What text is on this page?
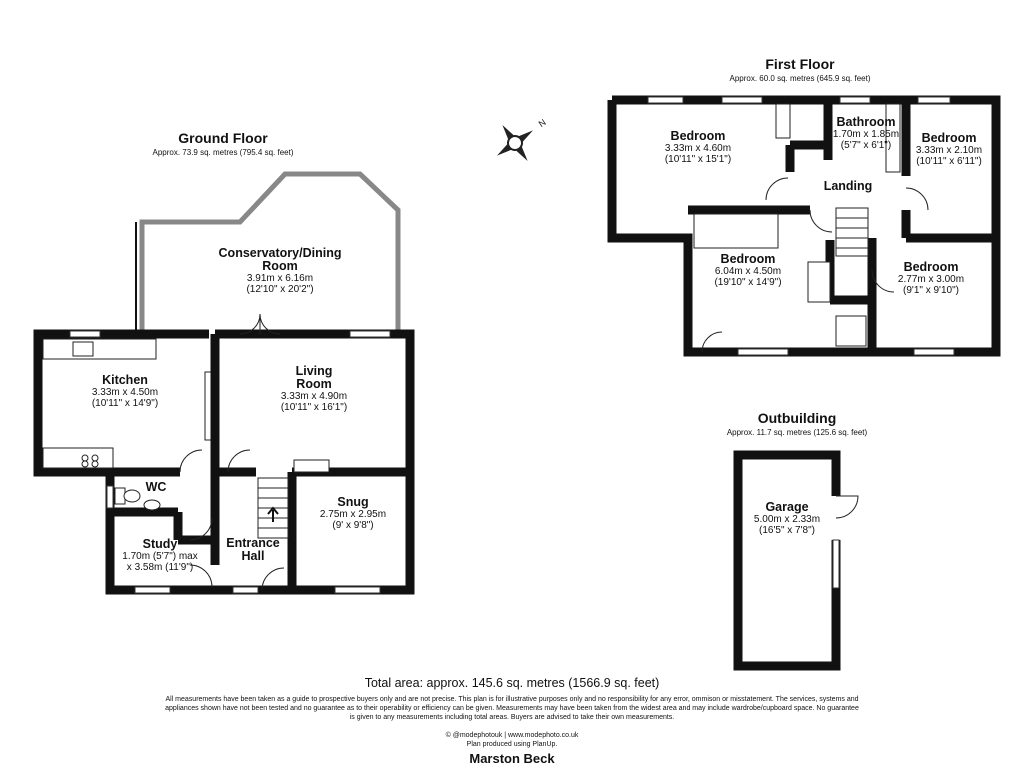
N
Ground Floor
Approx. 73.9 sq. metres (795.4 sq. feet)
First Floor
Approx. 60.0 sq. metres (645.9 sq. feet)
Outbuilding
Approx. 11.7 sq. metres (125.6 sq. feet)
Conservatory/Dining
Room
3.91m x 6.16m
(12'10" x 20'2")
Kitchen
3.33m x 4.50m
(10'11" x 14'9")
Living
Room
3.33m x 4.90m
(10'11" x 16'1")
WC
Study
1.70m (5'7") max
x 3.58m (11'9")
Entrance
Hall
Snug
2.75m x 2.95m
(9' x 9'8")
Bedroom
3.33m x 4.60m
(10'11" x 15'1")
Bathroom
1.70m x 1.85m
(5'7" x 6'1")
Bedroom
3.33m x 2.10m
(10'11" x 6'11")
Landing
Bedroom
6.04m x 4.50m
(19'10" x 14'9")
Bedroom
2.77m x 3.00m
(9'1" x 9'10")
Garage
5.00m x 2.33m
(16'5" x 7'8")
Total area: approx. 145.6 sq. metres (1566.9 sq. feet)
All measurements have been taken as a guide to prospective buyers only and are not precise. This plan is for illustrative purposes only and no responsibility for any error, ommison or misstatement. The services, systems and appliances shown have not been tested and no guarantee as to their operability or efficiency can be given. Measurements may have been taken from the widest area and may include wardrobe/cupboard space. No guarantee is given to any measurements including total areas. Buyers are advised to take their own measurements.
© @modephotouk | www.modephoto.co.uk
Plan produced using PlanUp.
Marston Beck
